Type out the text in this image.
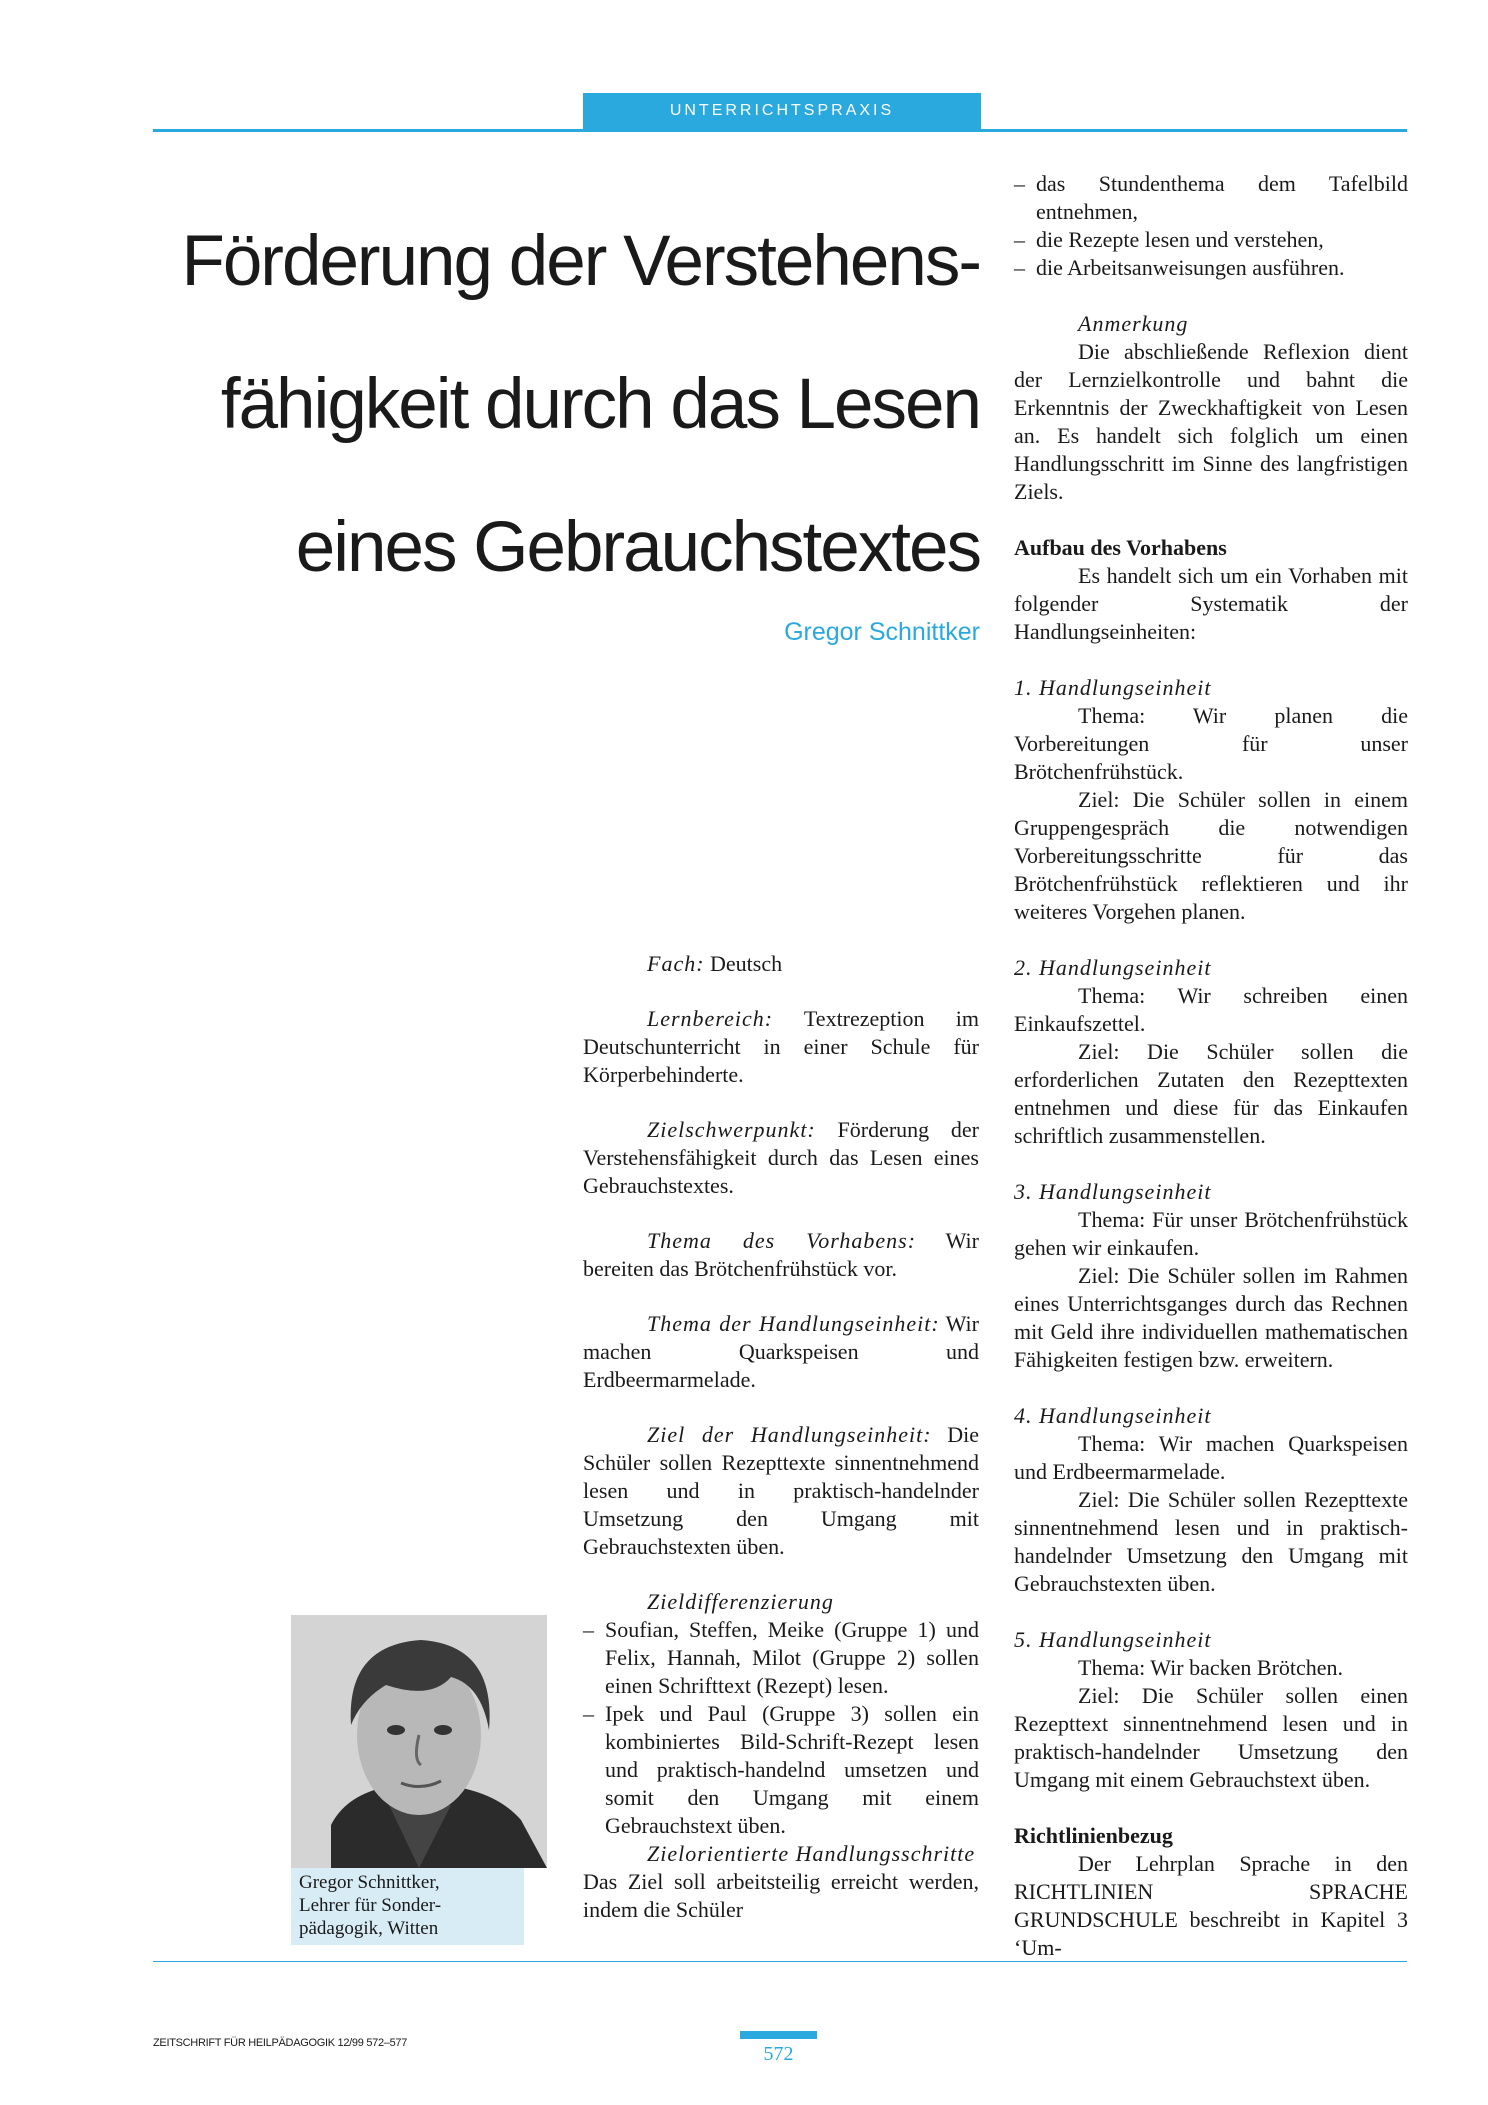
UNTERRICHTSPRAXIS
Förderung der Verstehens-
fähigkeit durch das Lesen
eines Gebrauchstextes
Gregor Schnittker

Fach: Deutsch

Lernbereich: Textrezeption im Deutschunterricht in einer Schule für Körperbehinderte.

Zielschwerpunkt: Förderung der Verstehensfähigkeit durch das Lesen eines Gebrauchstextes.

Thema des Vorhabens: Wir bereiten das Brötchenfrühstück vor.

Thema der Handlungseinheit: Wir machen Quarkspeisen und Erdbeermarmelade.

Ziel der Handlungseinheit: Die Schüler sollen Rezepttexte sinnentnehmend lesen und in praktisch-handelnder Umsetzung den Umgang mit Gebrauchstexten üben.

Zieldifferenzierung

– Soufian, Steffen, Meike (Gruppe 1) und Felix, Hannah, Milot (Gruppe 2) sollen einen Schrifttext (Rezept) lesen.
– Ipek und Paul (Gruppe 3) sollen ein kombiniertes Bild-Schrift-Rezept lesen und praktisch-handelnd umsetzen und somit den Umgang mit einem Gebrauchstext üben.

Zielorientierte Handlungsschritte

Das Ziel soll arbeitsteilig erreicht werden, indem die Schüler

– das Stundenthema dem Tafelbild entnehmen,
– die Rezepte lesen und verstehen,
– die Arbeitsanweisungen ausführen.

Anmerkung

Die abschließende Reflexion dient der Lernzielkontrolle und bahnt die Erkenntnis der Zweckhaftigkeit von Lesen an. Es handelt sich folglich um einen Handlungsschritt im Sinne des langfristigen Ziels.

Aufbau des Vorhabens

Es handelt sich um ein Vorhaben mit folgender Systematik der Handlungseinheiten:

1. Handlungseinheit

Thema: Wir planen die Vorbereitungen für unser Brötchenfrühstück.

Ziel: Die Schüler sollen in einem Gruppengespräch die notwendigen Vorbereitungsschritte für das Brötchenfrühstück reflektieren und ihr weiteres Vorgehen planen.

2. Handlungseinheit

Thema: Wir schreiben einen Einkaufszettel.

Ziel: Die Schüler sollen die erforderlichen Zutaten den Rezepttexten entnehmen und diese für das Einkaufen schriftlich zusammenstellen.

3. Handlungseinheit

Thema: Für unser Brötchenfrühstück gehen wir einkaufen.

Ziel: Die Schüler sollen im Rahmen eines Unterrichtsganges durch das Rechnen mit Geld ihre individuellen mathematischen Fähigkeiten festigen bzw. erweitern.

4. Handlungseinheit

Thema: Wir machen Quarkspeisen und Erdbeermarmelade.

Ziel: Die Schüler sollen Rezepttexte sinnentnehmend lesen und in praktisch-handelnder Umsetzung den Umgang mit Gebrauchstexten üben.

5. Handlungseinheit

Thema: Wir backen Brötchen.

Ziel: Die Schüler sollen einen Rezepttext sinnentnehmend lesen und in praktisch-handelnder Umsetzung den Umgang mit einem Gebrauchstext üben.

Richtlinienbezug

Der Lehrplan Sprache in den RICHTLINIEN SPRACHE GRUNDSCHULE beschreibt in Kapitel 3 ‘Um-

Gregor Schnittker,
Lehrer für Sonder-
pädagogik, Witten
ZEITSCHRIFT FÜR HEILPÄDAGOGIK 12/99 572–577	572
